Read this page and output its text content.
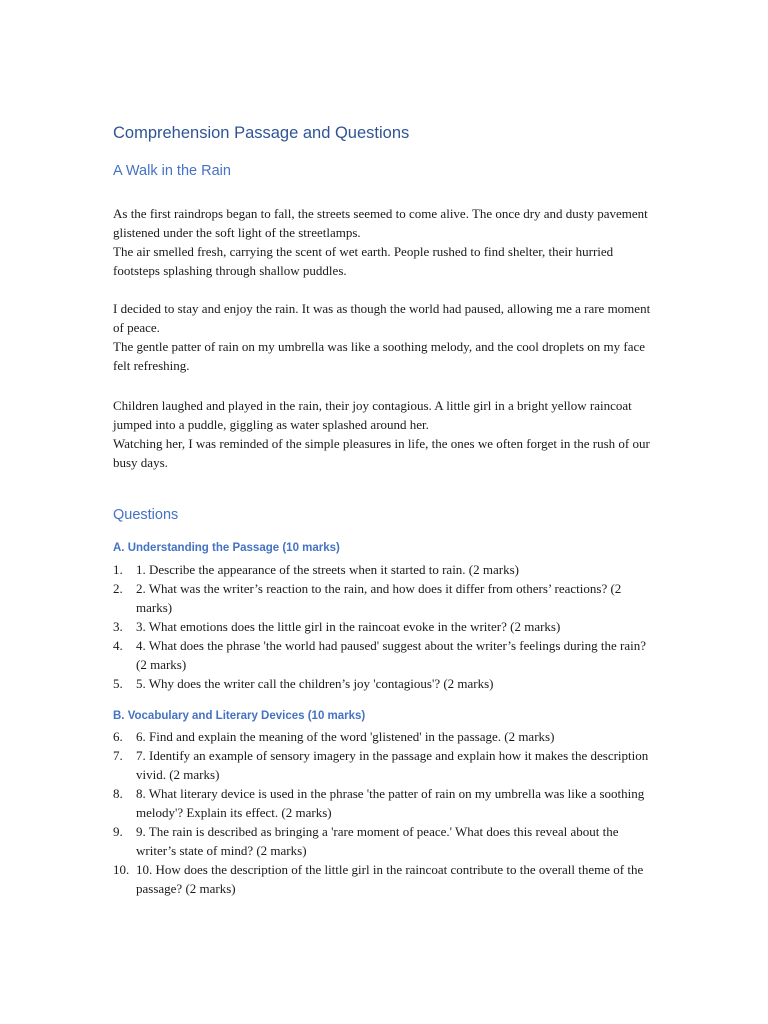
Comprehension Passage and Questions
A Walk in the Rain
As the first raindrops began to fall, the streets seemed to come alive. The once dry and dusty pavement glistened under the soft light of the streetlamps.
The air smelled fresh, carrying the scent of wet earth. People rushed to find shelter, their hurried footsteps splashing through shallow puddles.
I decided to stay and enjoy the rain. It was as though the world had paused, allowing me a rare moment of peace.
The gentle patter of rain on my umbrella was like a soothing melody, and the cool droplets on my face felt refreshing.
Children laughed and played in the rain, their joy contagious. A little girl in a bright yellow raincoat jumped into a puddle, giggling as water splashed around her.
Watching her, I was reminded of the simple pleasures in life, the ones we often forget in the rush of our busy days.
Questions
A. Understanding the Passage (10 marks)
1. 1. Describe the appearance of the streets when it started to rain. (2 marks)
2. 2. What was the writer’s reaction to the rain, and how does it differ from others’ reactions? (2 marks)
3. 3. What emotions does the little girl in the raincoat evoke in the writer? (2 marks)
4. 4. What does the phrase 'the world had paused' suggest about the writer’s feelings during the rain? (2 marks)
5. 5. Why does the writer call the children’s joy 'contagious'? (2 marks)
B. Vocabulary and Literary Devices (10 marks)
6. 6. Find and explain the meaning of the word 'glistened' in the passage. (2 marks)
7. 7. Identify an example of sensory imagery in the passage and explain how it makes the description vivid. (2 marks)
8. 8. What literary device is used in the phrase 'the patter of rain on my umbrella was like a soothing melody'? Explain its effect. (2 marks)
9. 9. The rain is described as bringing a 'rare moment of peace.' What does this reveal about the writer’s state of mind? (2 marks)
10. 10. How does the description of the little girl in the raincoat contribute to the overall theme of the passage? (2 marks)
